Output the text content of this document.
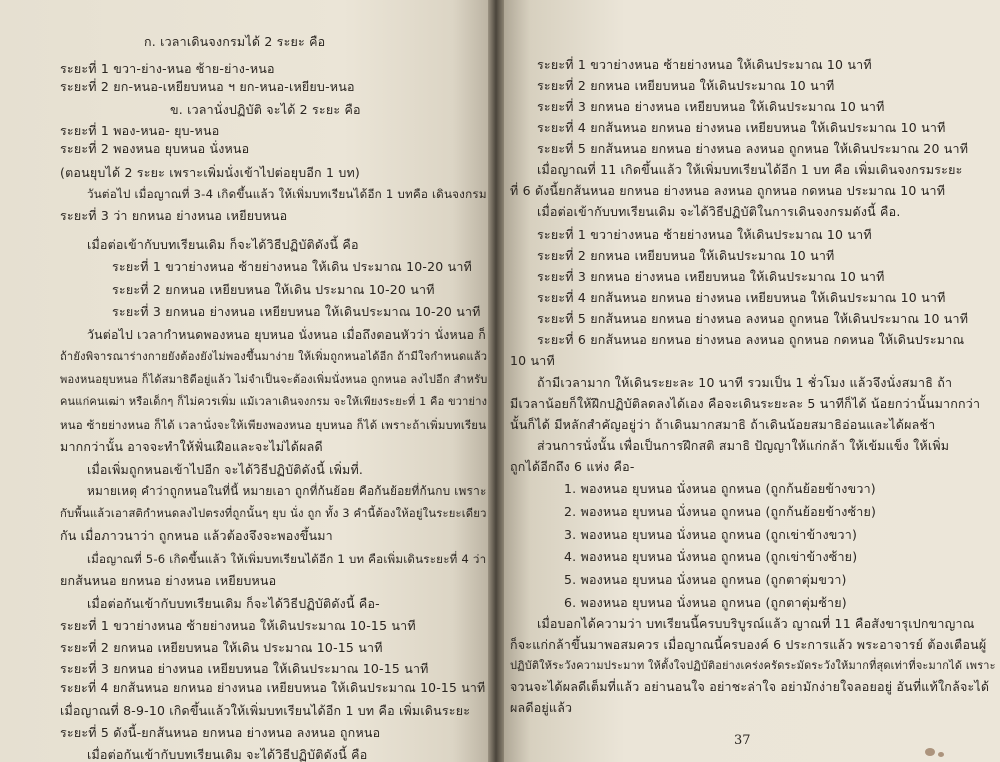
ก. เวลาเดินจงกรมได้ 2 ระยะ คือ
ระยะที่ 1 ขวา-ย่าง-หนอ ซ้าย-ย่าง-หนอ
ระยะที่ 2 ยก-หนอ-เหยียบหนอ ฯ ยก-หนอ-เหยียบ-หนอ
ข. เวลานั่งปฏิบัติ จะได้ 2 ระยะ คือ
ระยะที่ 1 พอง-หนอ- ยุบ-หนอ
ระยะที่ 2 พองหนอ ยุบหนอ นั่งหนอ
(ตอนยุบได้ 2 ระยะ เพราะเพิ่มนั่งเข้าไปต่อยุบอีก 1 บท)
วันต่อไป เมื่อญาณที่ 3-4 เกิดขึ้นแล้ว ให้เพิ่มบทเรียนได้อีก 1 บทคือ เดินจงกรม
ระยะที่ 3 ว่า ยกหนอ ย่างหนอ เหยียบหนอ
เมื่อต่อเข้ากับบทเรียนเดิม ก็จะได้วิธีปฏิบัติดังนี้ คือ
ระยะที่ 1 ขวาย่างหนอ ซ้ายย่างหนอ ให้เดิน ประมาณ 10-20 นาที
ระยะที่ 2 ยกหนอ เหยียบหนอ ให้เดิน ประมาณ 10-20 นาที
ระยะที่ 3 ยกหนอ ย่างหนอ เหยียบหนอ ให้เดินประมาณ 10-20 นาที
วันต่อไป เวลากำหนดพองหนอ ยุบหนอ นั่งหนอ เมื่อถึงตอนหัวว่า นั่งหนอ ก็
ถ้ายังพิจารณาร่างกายยังต้องยังไม่พองขึ้นมาง่าย ให้เพิ่มถูกหนอได้อีก ถ้ามีใจกำหนดแล้ว
พองหนอยุบหนอ ก็ได้สมาธิดีอยู่แล้ว ไม่จำเป็นจะต้องเพิ่มนั่งหนอ ถูกหนอ ลงไปอีก สำหรับ
คนแก่คนเฒ่า หรือเด็กๆ ก็ไม่ควรเพิ่ม แม้เวลาเดินจงกรม จะให้เพียงระยะที่ 1 คือ ขวาย่าง
หนอ ซ้ายย่างหนอ ก็ได้ เวลานั่งจะให้เพียงพองหนอ ยุบหนอ ก็ได้ เพราะถ้าเพิ่มบทเรียน
มากกว่านั้น อาจจะทำให้ฟั่นเฝือและจะไม่ได้ผลดี
เมื่อเพิ่มถูกหนอเข้าไปอีก จะได้วิธีปฏิบัติดังนี้ เพิ่มที่.
หมายเหตุ คำว่าถูกหนอในที่นี้ หมายเอา ถูกที่ก้นย้อย คือก้นย้อยที่ก้นกบ เพราะ
กับพื้นแล้วเอาสติกำหนดลงไปตรงที่ถูกนั้นๆ ยุบ นั่ง ถูก ทั้ง 3 คำนี้ต้องให้อยู่ในระยะเดียว
กัน เมื่อภาวนาว่า ถูกหนอ แล้วต้องจึงจะพองขึ้นมา
เมื่อญาณที่ 5-6 เกิดขึ้นแล้ว ให้เพิ่มบทเรียนได้อีก 1 บท คือเพิ่มเดินระยะที่ 4 ว่า
ยกส้นหนอ ยกหนอ ย่างหนอ เหยียบหนอ
เมื่อต่อกันเข้ากับบทเรียนเดิม ก็จะได้วิธีปฏิบัติดังนี้ คือ-
ระยะที่ 1 ขวาย่างหนอ ซ้ายย่างหนอ ให้เดินประมาณ 10-15 นาที
ระยะที่ 2 ยกหนอ เหยียบหนอ ให้เดิน ประมาณ 10-15 นาที
ระยะที่ 3 ยกหนอ ย่างหนอ เหยียบหนอ ให้เดินประมาณ 10-15 นาที
ระยะที่ 4 ยกส้นหนอ ยกหนอ ย่างหนอ เหยียบหนอ ให้เดินประมาณ 10-15 นาที
เมื่อญาณที่ 8-9-10 เกิดขึ้นแล้วให้เพิ่มบทเรียนได้อีก 1 บท คือ เพิ่มเดินระยะ
ระยะที่ 5 ดังนี้-ยกส้นหนอ ยกหนอ ย่างหนอ ลงหนอ ถูกหนอ
เมื่อต่อกันเข้ากับบทเรียนเดิม จะได้วิธีปฏิบัติดังนี้ คือ
37
ระยะที่ 1 ขวาย่างหนอ ซ้ายย่างหนอ ให้เดินประมาณ 10 นาที
ระยะที่ 2 ยกหนอ เหยียบหนอ ให้เดินประมาณ 10 นาที
ระยะที่ 3 ยกหนอ ย่างหนอ เหยียบหนอ ให้เดินประมาณ 10 นาที
ระยะที่ 4 ยกส้นหนอ ยกหนอ ย่างหนอ เหยียบหนอ ให้เดินประมาณ 10 นาที
ระยะที่ 5 ยกส้นหนอ ยกหนอ ย่างหนอ ลงหนอ ถูกหนอ ให้เดินประมาณ 20 นาที
เมื่อญาณที่ 11 เกิดขึ้นแล้ว ให้เพิ่มบทเรียนได้อีก 1 บท คือ เพิ่มเดินจงกรมระยะ
ที่ 6 ดังนี้ยกส้นหนอ ยกหนอ ย่างหนอ ลงหนอ ถูกหนอ กดหนอ ประมาณ 10 นาที
เมื่อต่อเข้ากับบทเรียนเดิม จะได้วิธีปฏิบัติในการเดินจงกรมดังนี้ คือ.
ระยะที่ 1 ขวาย่างหนอ ซ้ายย่างหนอ ให้เดินประมาณ 10 นาที
ระยะที่ 2 ยกหนอ เหยียบหนอ ให้เดินประมาณ 10 นาที
ระยะที่ 3 ยกหนอ ย่างหนอ เหยียบหนอ ให้เดินประมาณ 10 นาที
ระยะที่ 4 ยกส้นหนอ ยกหนอ ย่างหนอ เหยียบหนอ ให้เดินประมาณ 10 นาที
ระยะที่ 5 ยกส้นหนอ ยกหนอ ย่างหนอ ลงหนอ ถูกหนอ ให้เดินประมาณ 10 นาที
ระยะที่ 6 ยกส้นหนอ ยกหนอ ย่างหนอ ลงหนอ ถูกหนอ กดหนอ ให้เดินประมาณ
10 นาที
ถ้ามีเวลามาก ให้เดินระยะละ 10 นาที รวมเป็น 1 ชั่วโมง แล้วจึงนั่งสมาธิ ถ้า
มีเวลาน้อยก็ให้ฝึกปฏิบัติลดลงได้เอง คือจะเดินระยะละ 5 นาทีก็ได้ น้อยกว่านั้นมากกว่า
นั้นก็ได้ มีหลักสำคัญอยู่ว่า ถ้าเดินมากสมาธิ ถ้าเดินน้อยสมาธิอ่อนและได้ผลช้า
ส่วนการนั่งนั้น เพื่อเป็นการฝึกสติ สมาธิ ปัญญาให้แก่กล้า ให้เข้มแข็ง ให้เพิ่ม
ถูกได้อีกถึง 6 แห่ง คือ-
1. พองหนอ ยุบหนอ นั่งหนอ ถูกหนอ (ถูกก้นย้อยข้างขวา)
2. พองหนอ ยุบหนอ นั่งหนอ ถูกหนอ (ถูกก้นย้อยข้างซ้าย)
3. พองหนอ ยุบหนอ นั่งหนอ ถูกหนอ (ถูกเข่าข้างขวา)
4. พองหนอ ยุบหนอ นั่งหนอ ถูกหนอ (ถูกเข่าข้างซ้าย)
5. พองหนอ ยุบหนอ นั่งหนอ ถูกหนอ (ถูกตาตุ่มขวา)
6. พองหนอ ยุบหนอ นั่งหนอ ถูกหนอ (ถูกตาตุ่มซ้าย)
เมื่อบอกได้ความว่า บทเรียนนี้ครบบริบูรณ์แล้ว ญาณที่ 11 คือสังขารุเปกขาญาณ
ก็จะแก่กล้าขึ้นมาพอสมควร เมื่อญาณนี้ครบองค์ 6 ประการแล้ว พระอาจารย์ ต้องเตือนผู้
ปฏิบัติให้ระวังความประมาท ให้ตั้งใจปฏิบัติอย่างเคร่งครัดระมัดระวังให้มากที่สุดเท่าที่จะมากได้ เพราะ
จวนจะได้ผลดีเต็มที่แล้ว อย่านอนใจ อย่าชะล่าใจ อย่ามักง่ายใจลอยอยู่ อันที่แท้ใกล้จะได้
ผลดีอยู่แล้ว
